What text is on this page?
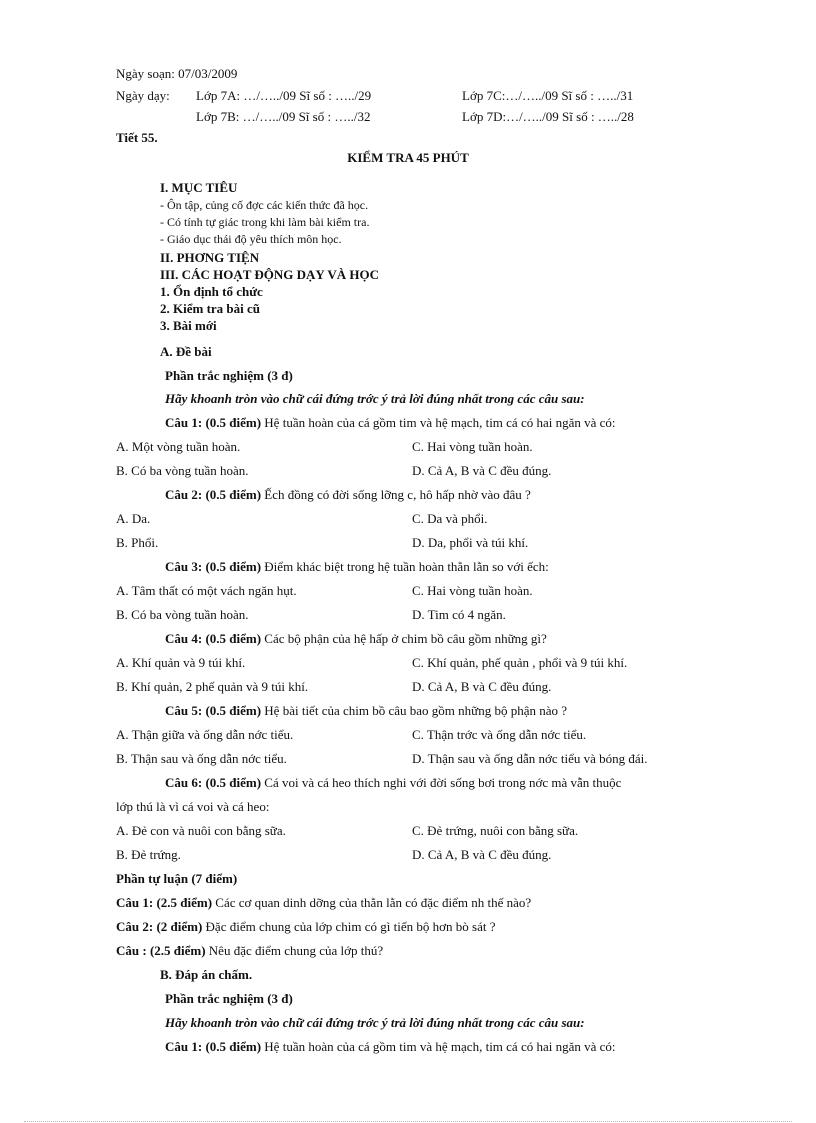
Ngày soạn: 07/03/2009
Ngày dạy: Lớp 7A: …/…../09 Sĩ số : …../29	Lớp 7C:…/…../09 Sĩ số : …../31
Lớp 7B: …/…../09 Sĩ số : …../32	Lớp 7D:…/…../09 Sĩ số : …../28
Tiết 55.
KIỂM TRA 45 PHÚT
I. MỤC TIÊU
- Ôn tập, củng cố đợc các kiến thức đã học.
- Có tính tự giác trong khi làm bài kiểm tra.
- Giáo dục thái độ yêu thích môn học.
II. PHƠNG TIỆN
III. CÁC HOẠT ĐỘNG DẠY VÀ HỌC
1. Ổn định tổ chức
2. Kiểm tra bài cũ
3. Bài mới
A. Đề bài
Phần trắc nghiệm (3 đ)
Hãy khoanh tròn vào chữ cái đứng trớc ý trả lời đúng nhất trong các câu sau:
Câu 1: (0.5 điểm) Hệ tuần hoàn của cá gồm tim và hệ mạch, tim cá có hai ngăn và có:
A. Một vòng tuần hoàn.	C. Hai vòng tuần hoàn.
B. Có ba vòng tuần hoàn.	D. Cả A, B và C đều đúng.
Câu 2: (0.5 điểm) Ếch đồng có đời sống lỡng c, hô hấp nhờ vào đâu ?
A. Da.	C. Da và phổi.
B. Phổi.	D. Da, phổi và túi khí.
Câu 3: (0.5 điểm) Điểm khác biệt trong hệ tuần hoàn thằn lằn so với ếch:
A. Tâm thất có một vách ngăn hụt.	C. Hai vòng tuần hoàn.
B. Có ba vòng tuần hoàn.	D. Tim có 4 ngăn.
Câu 4: (0.5 điểm) Các bộ phận của hệ hấp ở chim bồ câu gồm những gì?
A. Khí quản và 9 túi khí.	C. Khí quản, phế quản , phổi và 9 túi khí.
B. Khí quản, 2 phế quản và 9 túi khí.	D. Cả A, B và C đều đúng.
Câu 5: (0.5 điểm) Hệ bài tiết của chim bồ câu bao gồm những bộ phận nào ?
A. Thận giữa và ống dẫn nớc tiểu.	C. Thận trớc và ống dẫn nớc tiểu.
B. Thận sau và ống dẫn nớc tiểu.	D. Thận sau và ống dẫn nớc tiểu và bóng đái.
Câu 6: (0.5 điểm) Cá voi và cá heo thích nghi với đời sống bơi trong nớc mà vẫn thuộc
lớp thú là vì cá voi và cá heo:
A. Đẻ con và nuôi con bằng sữa.	C. Đẻ trứng, nuôi con bằng sữa.
B. Đẻ trứng.	D. Cả A, B và C đều đúng.
Phần tự luận (7 điểm)
Câu 1: (2.5 điểm) Các cơ quan dinh dỡng của thằn lằn có đặc điểm nh thế nào?
Câu 2: (2 điểm) Đặc điểm chung của lớp chim có gì tiến bộ hơn bò sát ?
Câu : (2.5 điểm) Nêu đặc điểm chung của lớp thú?
B. Đáp án chấm.
Phần trắc nghiệm (3 đ)
Hãy khoanh tròn vào chữ cái đứng trớc ý trả lời đúng nhất trong các câu sau:
Câu 1: (0.5 điểm) Hệ tuần hoàn của cá gồm tim và hệ mạch, tim cá có hai ngăn và có:
